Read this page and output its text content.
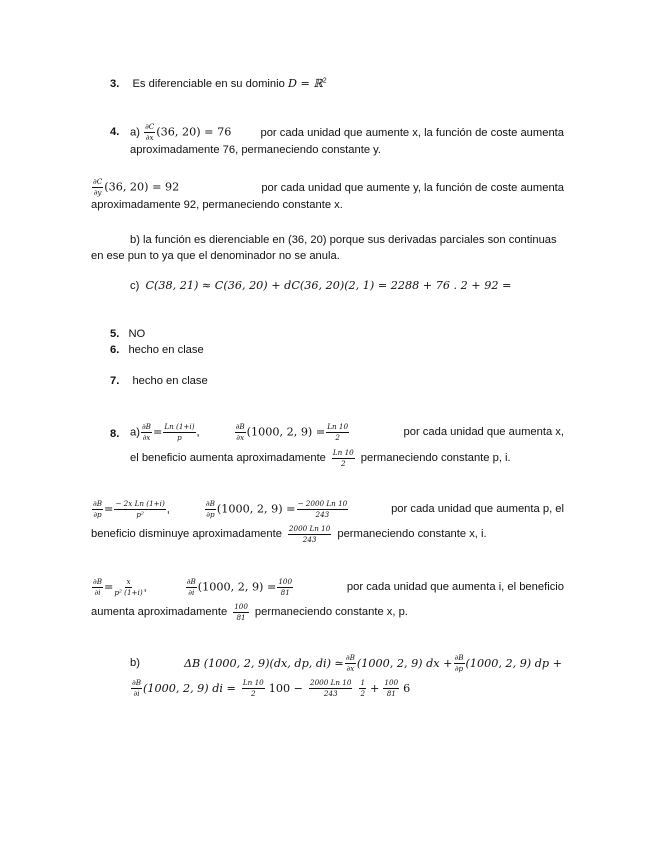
3. Es diferenciable en su dominio D = ℝ$^2$
4. $a) \frac{\partial C}{\partial x} (36$, 20) = 76	por cada unidad que aumente x, la función de coste aumenta
aproximadamente 76, permaneciendo constante y.
$\frac{\partial C}{\partial y} (36$, 20) = 92	por cada unidad que aumente y, la función de coste aumenta
aproximadamente 92, permaneciendo constante x.
b) la función es dierenciable en (36, 20) porque sus derivadas parciales son continuas
en ese pun to ya que el denominador no se anula.
c) C(38, 21) ≈ C(36, 20) + dC(36, 20)(2, 1) = 2288 + 76 . 2 + 92 =
5. NO
6. hecho en clase
7. hecho en clase
8. $a) \frac{\partial B}{\partial x} = \frac{Ln (1+i)}{p}$ ,	$\frac{\partial B}{\partial x} (1000$, 2, $9) = \frac{Ln 10}{2}$	por cada unidad que aumenta x,
el beneficio aumenta aproximadamente $\frac{Ln 10}{2}$ permaneciendo constante p, i.
$\frac{\partial B}{\partial p} = \frac{\text{− 2x Ln (1+i)}}{\text{p²}}$ ,	$\frac{\partial B}{\partial p} (1000$, 2, $9) = \frac{- 2000 Ln 10}{243}$	por cada unidad que aumenta p, el
beneficio disminuye aproximadamente $\frac{2000 Ln 10}{243}$ permaneciendo constante x, i.
$\frac{\partial B}{\partial i} = \frac{x}{\text{p² (1+i)}}$ ,	$\frac{\partial B}{\partial i} (1000$, 2, $9) = \frac{100}{81}$	por cada unidad que aumenta i, el beneficio
aumenta aproximadamente $\frac{100}{81}$ permaneciendo constante x, p.
b)	ΔB (1000, 2, 9)(dx, dp, di) ≃ $\frac{\partial B}{\partial x} (1000$, 2, 9) dx + $\frac{\partial B}{\partial p} (1000$, 2, 9) dp +
$\frac{\partial B}{\partial i} (1000$, 2, 9) di = $\frac{Ln 10}{2} 100 - \frac{2000 Ln 10}{243} \frac{1}{2} + \frac{100}{81} 6$
